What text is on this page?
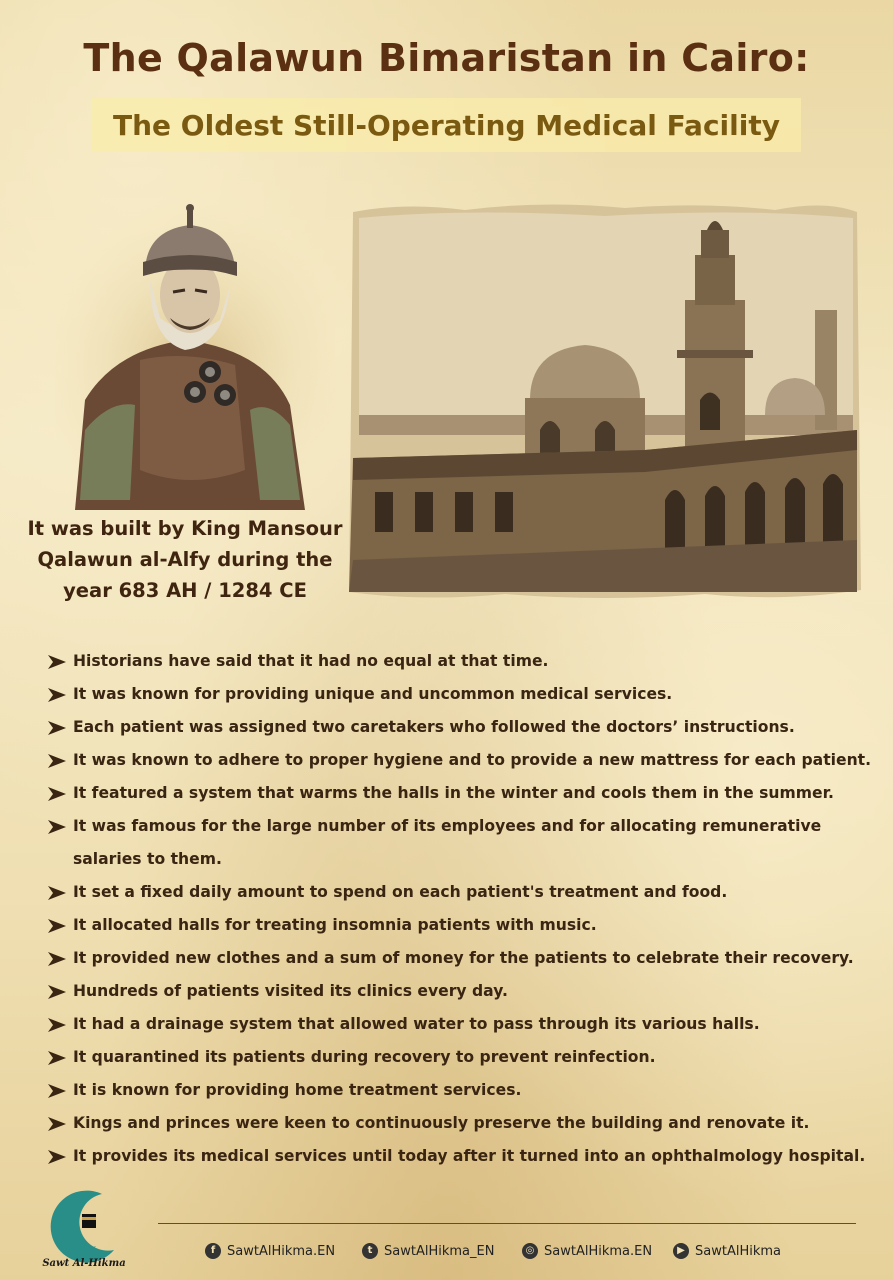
The Qalawun Bimaristan in Cairo:
The Oldest Still-Operating Medical Facility
It was built by King Mansour Qalawun al-Alfy during the year 683 AH / 1284 CE
Historians have said that it had no equal at that time.
It was known for providing unique and uncommon medical services.
Each patient was assigned two caretakers who followed the doctors’ instructions.
It was known to adhere to proper hygiene and to provide a new mattress for each patient.
It featured a system that warms the halls in the winter and cools them in the summer.
It was famous for the large number of its employees and for allocating remunerative salaries to them.
It set a fixed daily amount to spend on each patient's treatment and food.
It allocated halls for treating insomnia patients with music.
It provided new clothes and a sum of money for the patients to celebrate their recovery.
Hundreds of patients visited its clinics every day.
It had a drainage system that allowed water to pass through its various halls.
It quarantined its patients during recovery to prevent reinfection.
It is known for providing home treatment services.
Kings and princes were keen to continuously preserve the building and renovate it.
It provides its medical services until today after it turned into an ophthalmology hospital.
Sawt Al-Hikma
f SawtAlHikma.EN	t SawtAlHikma_EN	◎ SawtAlHikma.EN	▶ SawtAlHikma
